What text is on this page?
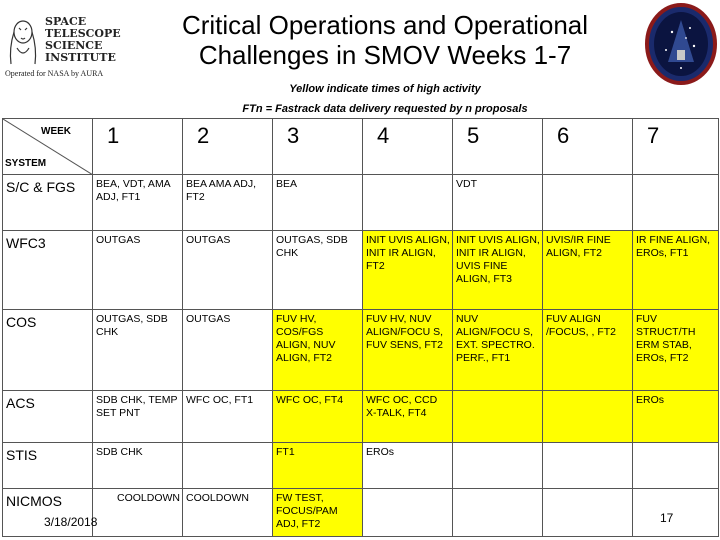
SPACE
TELESCOPE
SCIENCE
INSTITUTE
Operated for NASA by AURA
Critical Operations and Operational
Challenges in SMOV Weeks 1-7
Yellow indicate times of high activity
FTn = Fastrack data delivery requested by n proposals
WEEK
SYSTEM	1	2	3	4	5	6	7
S/C & FGS	BEA, VDT, AMA ADJ, FT1	BEA AMA ADJ, FT2	BEA		VDT		
WFC3	OUTGAS	OUTGAS	OUTGAS, SDB CHK	INIT UVIS ALIGN, INIT IR ALIGN, FT2	INIT UVIS ALIGN, INIT IR ALIGN, UVIS FINE ALIGN, FT3	UVIS/IR FINE ALIGN, FT2	IR FINE ALIGN, EROs, FT1
COS	OUTGAS, SDB CHK	OUTGAS	FUV HV, COS/FGS ALIGN, NUV ALIGN, FT2	FUV HV, NUV ALIGN/FOCU S, FUV SENS, FT2	NUV ALIGN/FOCU S, EXT. SPECTRO. PERF., FT1	FUV ALIGN /FOCUS, , FT2	FUV STRUCT/TH ERM STAB, EROs, FT2
ACS	SDB CHK, TEMP SET PNT	WFC OC, FT1	WFC OC, FT4	WFC OC, CCD X-TALK, FT4			EROs
STIS	SDB CHK		FT1	EROs			
NICMOS	COOLDOWN	COOLDOWN	FW TEST, FOCUS/PAM ADJ, FT2				
3/18/2018	17
